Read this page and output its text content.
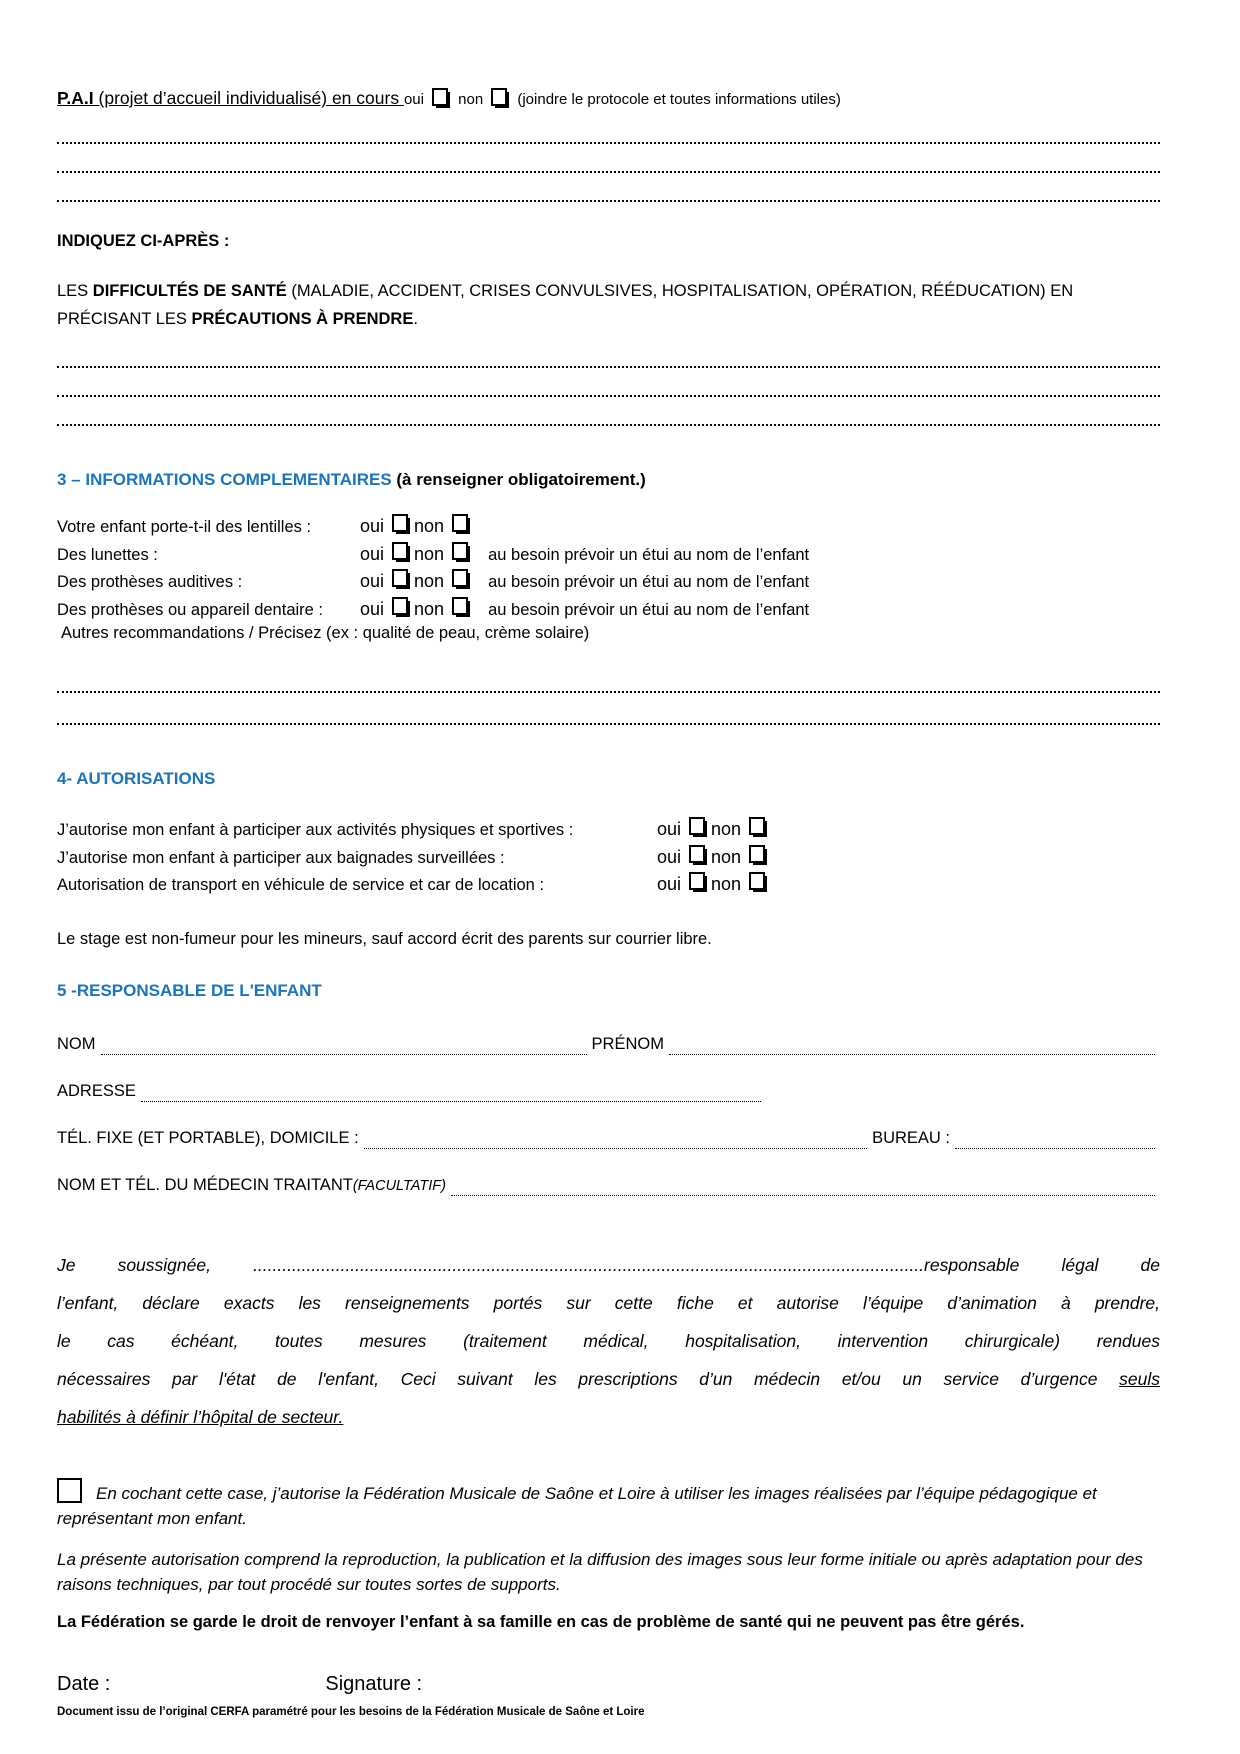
P.A.I (projet d’accueil individualisé) en cours oui non (joindre le protocole et toutes informations utiles)
INDIQUEZ CI-APRÈS :
LES DIFFICULTÉS DE SANTÉ (MALADIE, ACCIDENT, CRISES CONVULSIVES, HOSPITALISATION, OPÉRATION, RÉÉDUCATION) EN PRÉCISANT LES PRÉCAUTIONS À PRENDRE.
3 – INFORMATIONS COMPLEMENTAIRES (à renseigner obligatoirement.)
Votre enfant porte-t-il des lentilles :	oui non
Des lunettes :	oui non	au besoin prévoir un étui au nom de l’enfant
Des prothèses auditives :	oui non	au besoin prévoir un étui au nom de l’enfant
Des prothèses ou appareil dentaire :	oui non	au besoin prévoir un étui au nom de l’enfant
Autres recommandations / Précisez (ex : qualité de peau, crème solaire)
4- AUTORISATIONS
J’autorise mon enfant à participer aux activités physiques et sportives :	oui non
J’autorise mon enfant à participer aux baignades surveillées :	oui non
Autorisation de transport en véhicule de service et car de location :	oui non
Le stage est non-fumeur pour les mineurs, sauf accord écrit des parents sur courrier libre.
5 -RESPONSABLE DE L'ENFANT
NOM	PRÉNOM
ADRESSE
TÉL. FIXE (ET PORTABLE), DOMICILE :	BUREAU :
NOM ET TÉL. DU MÉDECIN TRAITANT (FACULTATIF)
Je soussignée, ..........................................................................................................................................responsable légal de
l’enfant, déclare exacts les renseignements portés sur cette fiche et autorise l’équipe d’animation à prendre,
le cas échéant, toutes mesures (traitement médical, hospitalisation, intervention chirurgicale) rendues
nécessaires par l'état de l'enfant, Ceci suivant les prescriptions d’un médecin et/ou un service d’urgence seuls
habilités à définir l’hôpital de secteur.
En cochant cette case, j’autorise la Fédération Musicale de Saône et Loire à utiliser les images réalisées par l’équipe pédagogique et représentant mon enfant.
La présente autorisation comprend la reproduction, la publication et la diffusion des images sous leur forme initiale ou après adaptation pour des raisons techniques, par tout procédé sur toutes sortes de supports.
La Fédération se garde le droit de renvoyer l’enfant à sa famille en cas de problème de santé qui ne peuvent pas être gérés.
Date :	Signature :
Document issu de l’original CERFA paramétré pour les besoins de la Fédération Musicale de Saône et Loire
